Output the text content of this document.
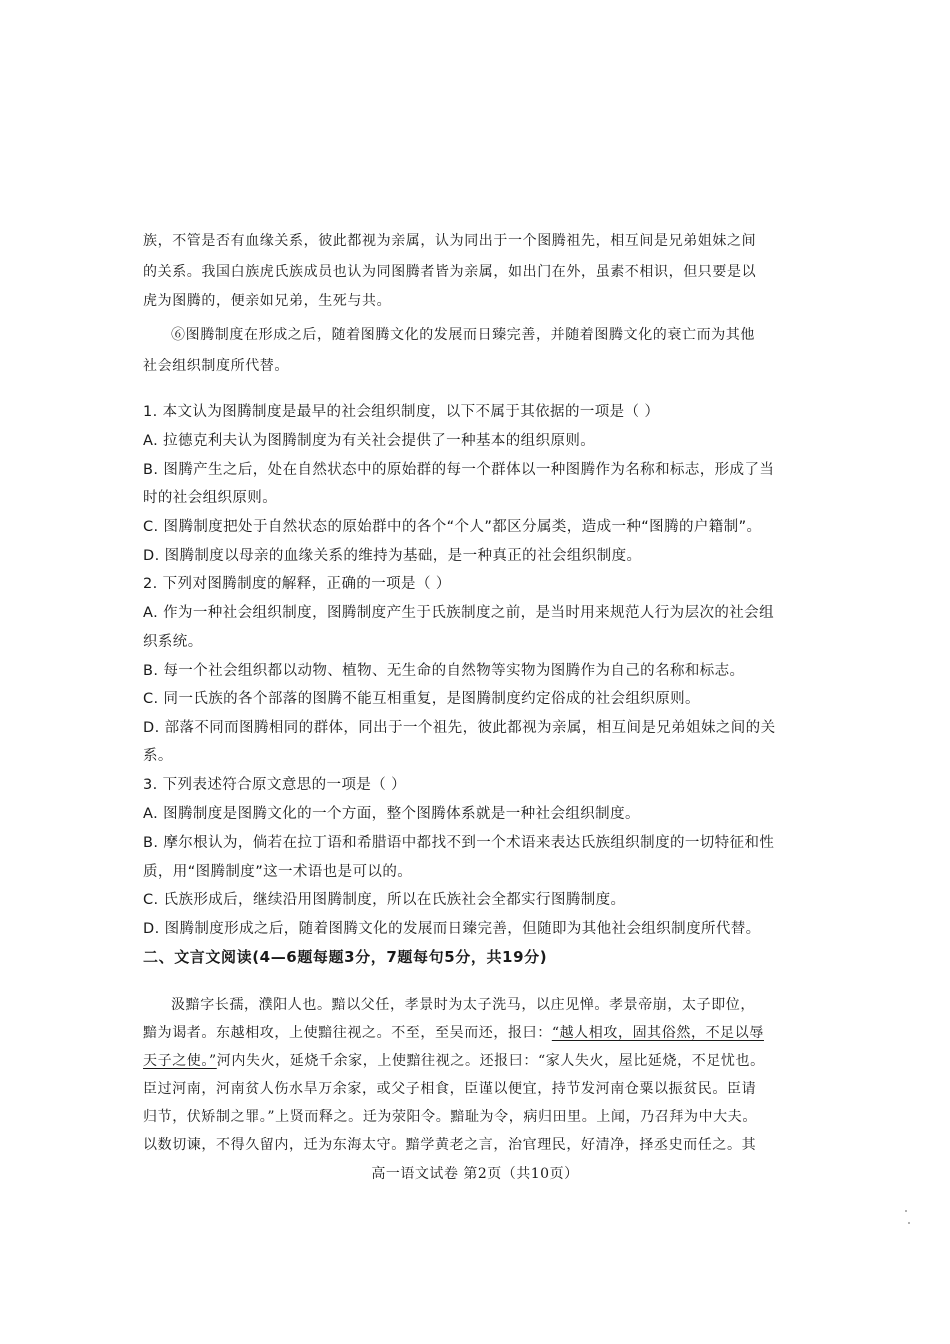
族，不管是否有血缘关系，彼此都视为亲属，认为同出于一个图腾祖先，相互间是兄弟姐妹之间

的关系。我国白族虎氏族成员也认为同图腾者皆为亲属，如出门在外，虽素不相识，但只要是以

虎为图腾的，便亲如兄弟，生死与共。

⑥图腾制度在形成之后，随着图腾文化的发展而日臻完善，并随着图腾文化的衰亡而为其他

社会组织制度所代替。

1. 本文认为图腾制度是最早的社会组织制度，以下不属于其依据的一项是（ ）

A. 拉德克利夫认为图腾制度为有关社会提供了一种基本的组织原则。

B. 图腾产生之后，处在自然状态中的原始群的每一个群体以一种图腾作为名称和标志，形成了当

时的社会组织原则。

C. 图腾制度把处于自然状态的原始群中的各个“个人”都区分属类，造成一种“图腾的户籍制”。

D. 图腾制度以母亲的血缘关系的维持为基础，是一种真正的社会组织制度。

2. 下列对图腾制度的解释，正确的一项是（ ）

A. 作为一种社会组织制度，图腾制度产生于氏族制度之前，是当时用来规范人行为层次的社会组

织系统。

B. 每一个社会组织都以动物、植物、无生命的自然物等实物为图腾作为自己的名称和标志。

C. 同一氏族的各个部落的图腾不能互相重复，是图腾制度约定俗成的社会组织原则。

D. 部落不同而图腾相同的群体，同出于一个祖先，彼此都视为亲属，相互间是兄弟姐妹之间的关

系。

3. 下列表述符合原文意思的一项是（ ）

A. 图腾制度是图腾文化的一个方面，整个图腾体系就是一种社会组织制度。

B. 摩尔根认为，倘若在拉丁语和希腊语中都找不到一个术语来表达氏族组织制度的一切特征和性

质，用“图腾制度”这一术语也是可以的。

C. 氏族形成后，继续沿用图腾制度，所以在氏族社会全都实行图腾制度。

D. 图腾制度形成之后，随着图腾文化的发展而日臻完善，但随即为其他社会组织制度所代替。

二、文言文阅读(4—6题每题3分，7题每句5分，共19分)

汲黯字长孺，濮阳人也。黯以父任，孝景时为太子洗马，以庄见惮。孝景帝崩，太子即位，

黯为谒者。东越相攻，上使黯往视之。不至，至吴而还，报曰：“越人相攻，固其俗然，不足以辱

天子之使。”河内失火，延烧千余家，上使黯往视之。还报曰：“家人失火，屋比延烧，不足忧也。

臣过河南，河南贫人伤水旱万余家，或父子相食，臣谨以便宜，持节发河南仓粟以振贫民。臣请

归节，伏矫制之罪。”上贤而释之。迁为荥阳令。黯耻为令，病归田里。上闻，乃召拜为中大夫。

以数切谏，不得久留内，迁为东海太守。黯学黄老之言，治官理民，好清净，择丞史而任之。其

高一语文试卷 第2页（共10页）
